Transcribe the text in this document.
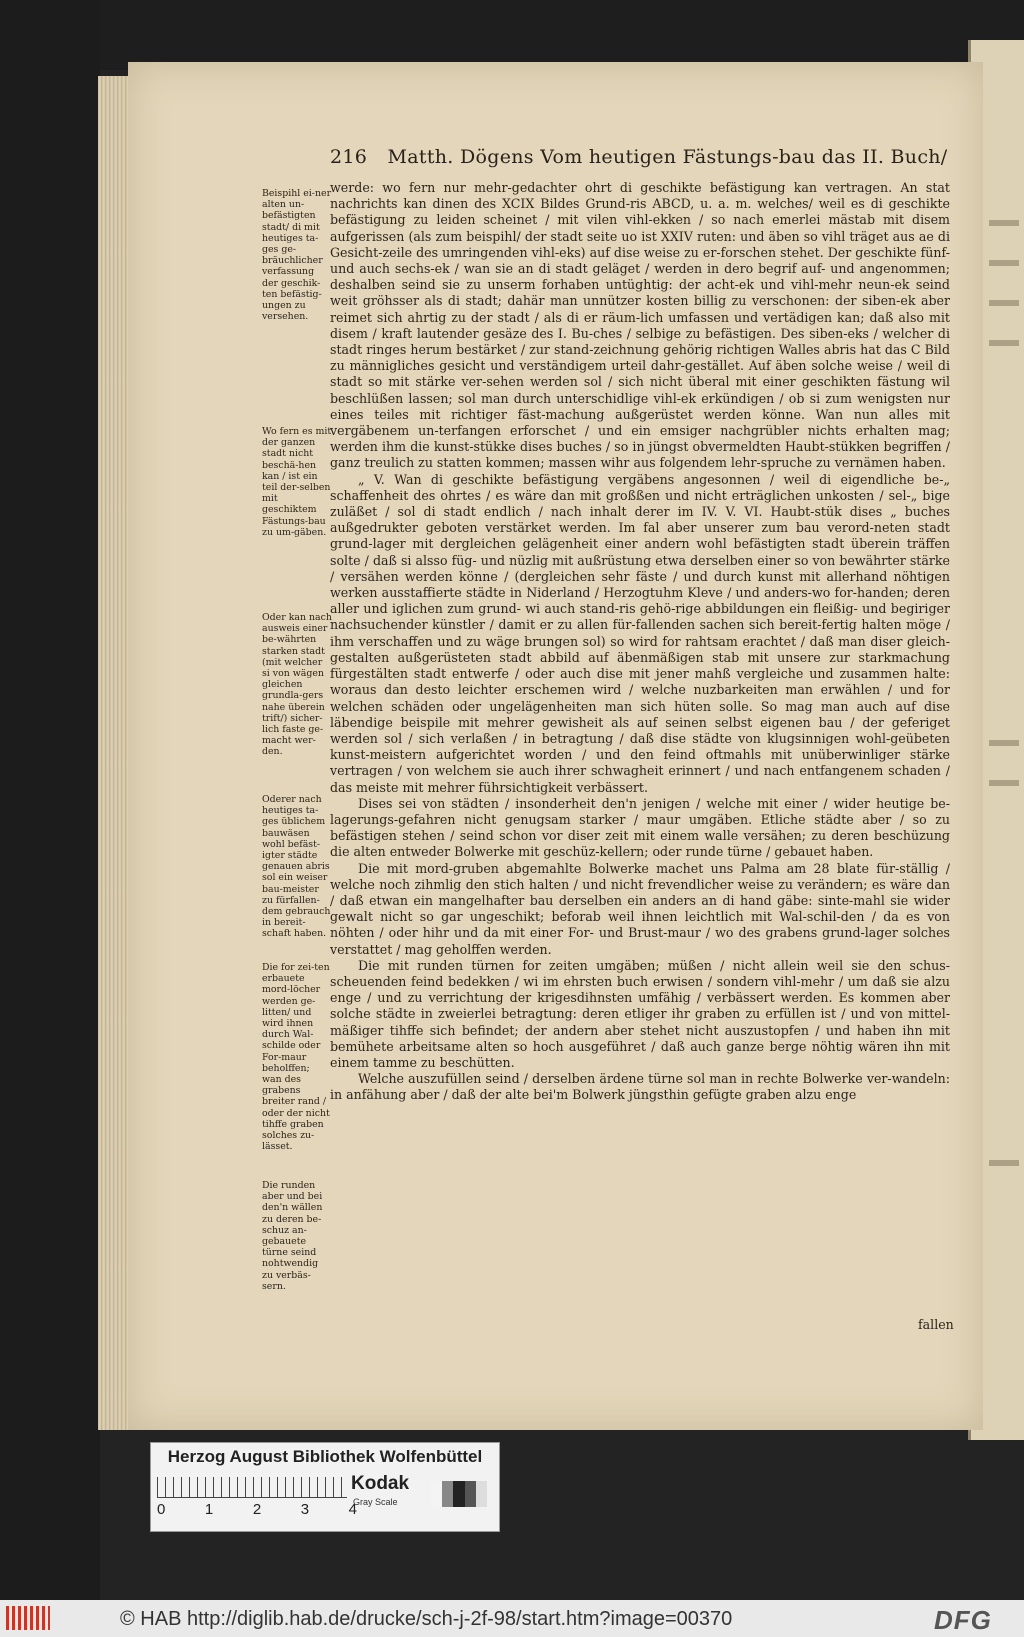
216 Matth. Dögens Vom heutigen Fästungs-bau das II. Buch/
Beispihl ei-ner alten un-befästigten stadt/ di mit heutiges ta-ges ge-bräuchlicher verfassung der geschik-ten befästig-ungen zu versehen.
Wo fern es mit der ganzen stadt nicht beschä-hen kan / ist ein teil der-selben mit geschiktem Fästungs-bau zu um-gäben.
Oder kan nach ausweis einer be-währten starken stadt (mit welcher si von wägen gleichen grundla-gers nahe überein trift/) sicher-lich faste ge-macht wer-den.
Oderer nach heutiges ta-ges üblichem bauwäsen wohl befäst-igter städte genauen abris sol ein weiser bau-meister zu fürfallen-dem gebrauch in bereit-schaft haben.
Die for zei-ten erbauete mord-löcher werden ge-litten/ und wird ihnen durch Wal-schilde oder For-maur beholffen; wan des grabens breiter rand / oder der nicht tihffe graben solches zu-lässet.
Die runden aber und bei den'n wällen zu deren be-schuz an-gebauete türne seind nohtwendig zu verbäs-sern.

werde: wo fern nur mehr-gedachter ohrt di geschikte befästigung kan vertragen. An stat nachrichts kan dinen des XCIX Bildes Grund-ris ABCD, u. a. m. welches/ weil es di geschikte befästigung zu leiden scheinet / mit vilen vihl-ekken / so nach emerlei mästab mit disem aufgerissen (als zum beispihl/ der stadt seite uo ist XXIV ruten: und äben so vihl träget aus ae di Gesicht-zeile des umringenden vihl-eks) auf dise weise zu er-forschen stehet. Der geschikte fünf- und auch sechs-ek / wan sie an di stadt geläget / werden in dero begrif auf- und angenommen; deshalben seind sie zu unserm forhaben untüghtig: der acht-ek und vihl-mehr neun-ek seind weit gröhsser als di stadt; dahär man unnützer kosten billig zu verschonen: der siben-ek aber reimet sich ahrtig zu der stadt / als di er räum-lich umfassen und vertädigen kan; daß also mit disem / kraft lautender gesäze des I. Bu-ches / selbige zu befästigen. Des siben-eks / welcher di stadt ringes herum bestärket / zur stand-zeichnung gehörig richtigen Walles abris hat das C Bild zu männigliches gesicht und verständigem urteil dahr-gestället. Auf äben solche weise / weil di stadt so mit stärke ver-sehen werden sol / sich nicht überal mit einer geschikten fästung wil beschlüßen lassen; sol man durch unterschidlige vihl-ek erkündigen / ob si zum wenigsten nur eines teiles mit richtiger fäst-machung außgerüstet werden könne. Wan nun alles mit vergäbenem un-terfangen erforschet / und ein emsiger nachgrübler nichts erhalten mag; werden ihm die kunst-stükke dises buches / so in jüngst obvermeldten Haubt-stükken begriffen / ganz treulich zu statten kommen; massen wihr aus folgendem lehr-spruche zu vernämen haben.

„ V. Wan di geschikte befästigung vergäbens angesonnen / weil di eigendliche be-„ schaffenheit des ohrtes / es wäre dan mit großßen und nicht erträglichen unkosten / sel-„ bige zuläßet / sol di stadt endlich / nach inhalt derer im IV. V. VI. Haubt-stük dises „ buches außgedrukter geboten verstärket werden. Im fal aber unserer zum bau verord-neten stadt grund-lager mit dergleichen gelägenheit einer andern wohl befästigten stadt überein träffen solte / daß si alsso füg- und nüzlig mit außrüstung etwa derselben einer so von bewährter stärke / versähen werden könne / (dergleichen sehr fäste / und durch kunst mit allerhand nöhtigen werken ausstaffierte städte in Niderland / Herzogtuhm Kleve / und anders-wo for-handen; deren aller und iglichen zum grund- wi auch stand-ris gehö-rige abbildungen ein fleißig- und begiriger nachsuchender künstler / damit er zu allen für-fallenden sachen sich bereit-fertig halten möge / ihm verschaffen und zu wäge brungen sol) so wird for rahtsam erachtet / daß man diser gleich-gestalten außgerüsteten stadt abbild auf äbenmäßigen stab mit unsere zur starkmachung fürgestälten stadt entwerfe / oder auch dise mit jener mahß vergleiche und zusammen halte: woraus dan desto leichter erschemen wird / welche nuzbarkeiten man erwählen / und for welchen schäden oder ungelägenheiten man sich hüten solle. So mag man auch auf dise läbendige beispile mit mehrer gewisheit als auf seinen selbst eigenen bau / der geferiget werden sol / sich verlaßen / in betragtung / daß dise städte von klugsinnigen wohl-geübeten kunst-meistern aufgerichtet worden / und den feind oftmahls mit unüberwinliger stärke vertragen / von welchem sie auch ihrer schwagheit erinnert / und nach entfangenem schaden / das meiste mit mehrer führsichtigkeit verbässert.

Dises sei von städten / insonderheit den'n jenigen / welche mit einer / wider heutige be-lagerungs-gefahren nicht genugsam starker / maur umgäben. Etliche städte aber / so zu befästigen stehen / seind schon vor diser zeit mit einem walle versähen; zu deren beschüzung die alten entweder Bolwerke mit geschüz-kellern; oder runde türne / gebauet haben.

Die mit mord-gruben abgemahlte Bolwerke machet uns Palma am 28 blate für-ställig / welche noch zihmlig den stich halten / und nicht frevendlicher weise zu verändern; es wäre dan / daß etwan ein mangelhafter bau derselben ein anders an di hand gäbe: sinte-mahl sie wider gewalt nicht so gar ungeschikt; beforab weil ihnen leichtlich mit Wal-schil-den / da es von nöhten / oder hihr und da mit einer For- und Brust-maur / wo des grabens grund-lager solches verstattet / mag geholffen werden.

Die mit runden türnen for zeiten umgäben; müßen / nicht allein weil sie den schus-scheuenden feind bedekken / wi im ehrsten buch erwisen / sondern vihl-mehr / um daß sie alzu enge / und zu verrichtung der krigesdihnsten umfähig / verbässert werden. Es kommen aber solche städte in zweierlei betragtung: deren etliger ihr graben zu erfüllen ist / und von mittel-mäßiger tihffe sich befindet; der andern aber stehet nicht auszustopfen / und haben ihn mit bemühete arbeitsame alten so hoch ausgeführet / daß auch ganze berge nöhtig wären ihn mit einem tamme zu beschütten.

Welche auszufüllen seind / derselben ärdene türne sol man in rechte Bolwerke ver-wandeln: in anfähung aber / daß der alte bei'm Bolwerk jüngsthin gefügte graben alzu enge

fallen
Herzog August Bibliothek Wolfenbüttel
0	1	2	3	4
Kodak
Gray Scale
© HAB http://diglib.hab.de/drucke/sch-j-2f-98/start.htm?image=00370	DFG
